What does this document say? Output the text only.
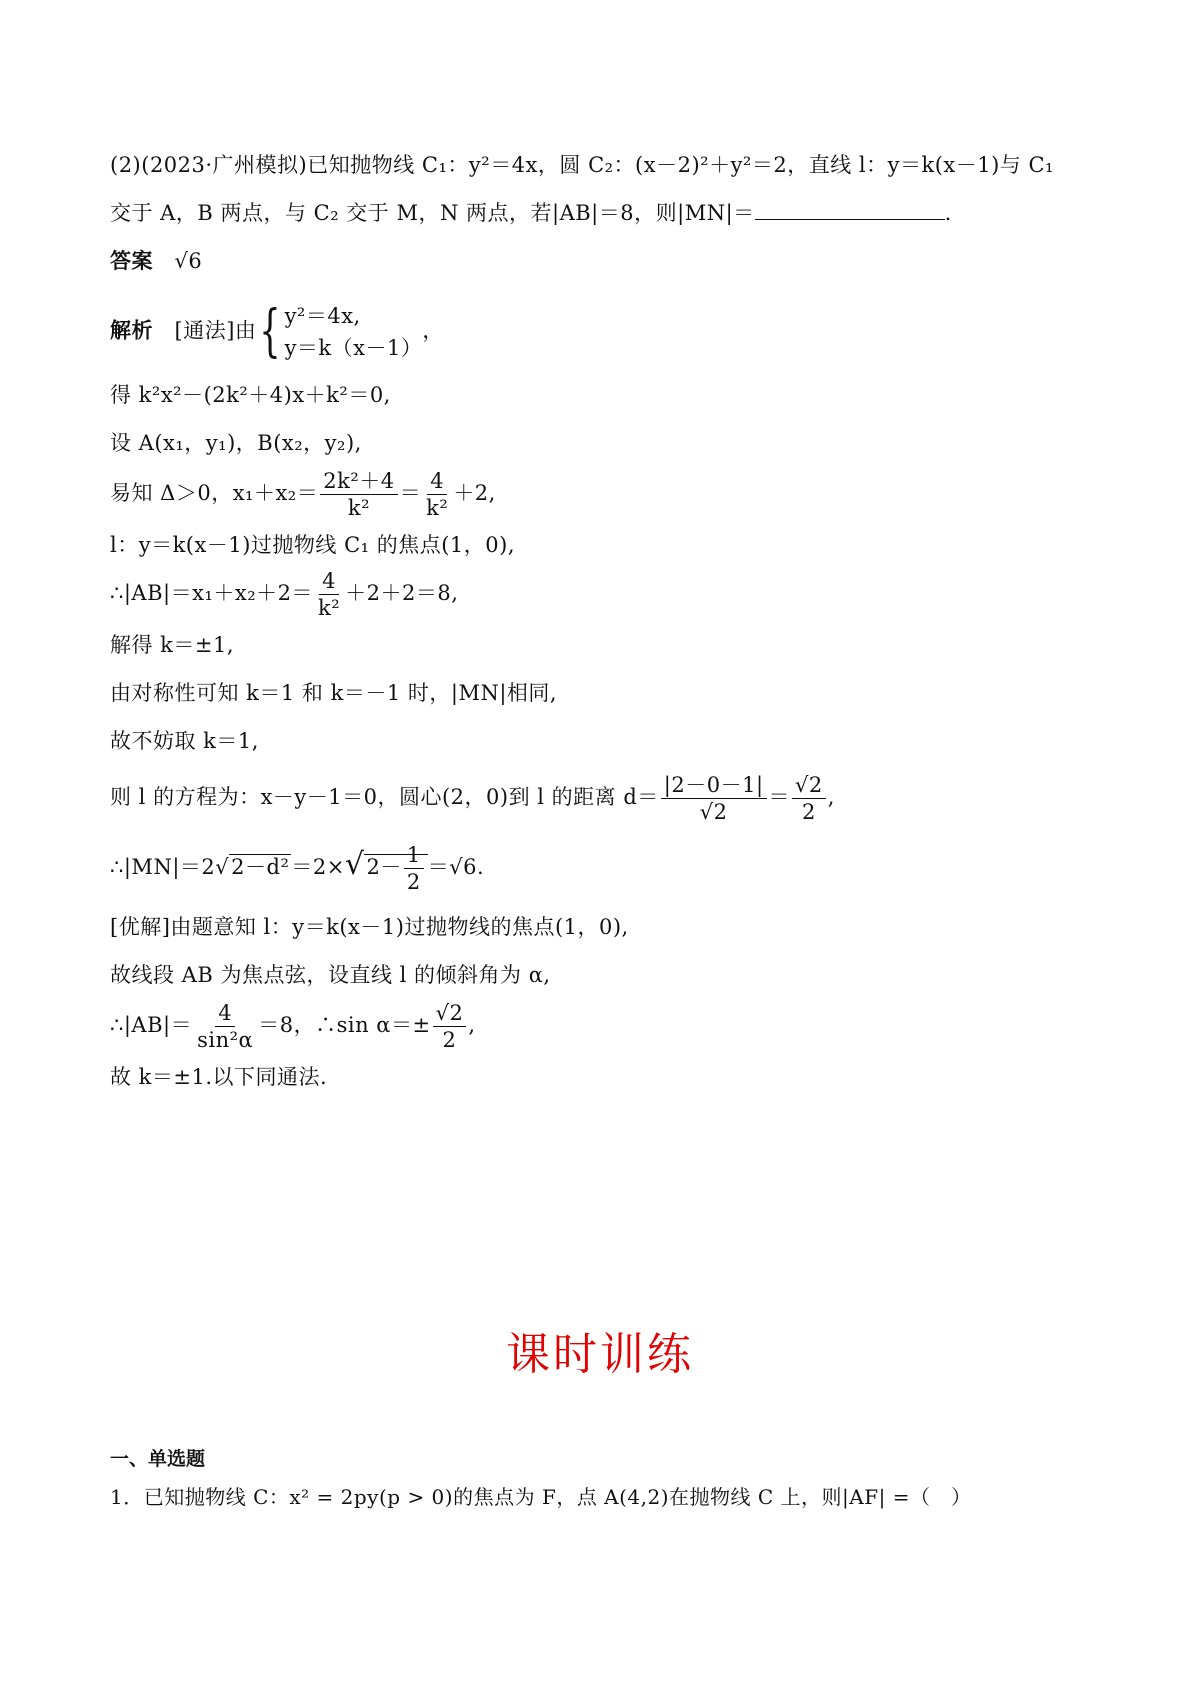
(2)(2023·广州模拟)已知抛物线 C₁：y²＝4x，圆 C₂：(x－2)²＋y²＝2，直线 l：y＝k(x－1)与 C₁
交于 A，B 两点，与 C₂ 交于 M，N 两点，若|AB|＝8，则|MN|＝	.
答案 √6
解析 [通法]由{ y²＝4x,
y＝k（x－1）
，
得 k²x²－(2k²＋4)x＋k²＝0,
设 A(x₁，y₁)，B(x₂，y₂),
易知 Δ＞0，$x_1+x_2= \frac{\text{2k²＋4}}{\text{k²}} = \frac{4}{\text{k²}} +2$,
l：y＝k(x－1)过抛物线 C₁ 的焦点(1，0),
∴|AB|＝x₁＋x₂＋2＝ $\frac{4}{\text{k²}} +2+2=8$,
解得 k＝±1,
由对称性可知 k＝1 和 k＝－1 时，|MN|相同,
故不妨取 k＝1,
则 l 的方程为：x－y－1＝0，圆心(2，0)到 l 的距离 $d= \frac{|2-0-1|}{√2} = \frac{√2}{2}$ ,
∴|MN|＝2√2－d²＝2×√2－ $\frac{1}{2} =√6$.
[优解]由题意知 l：y＝k(x－1)过抛物线的焦点(1，0),
故线段 AB 为焦点弦，设直线 l 的倾斜角为 α,
∴|AB|＝ $\frac{4}{\text{sin²α}} =8$，∴sin $\alpha=\pm \frac{√2}{2}$ ,
故 k＝±1.以下同通法.
课时训练
一、单选题
1．已知抛物线 C：x² = 2py(p > 0)的焦点为 F，点 A(4,2)在抛物线 C 上，则|AF| =（　）
